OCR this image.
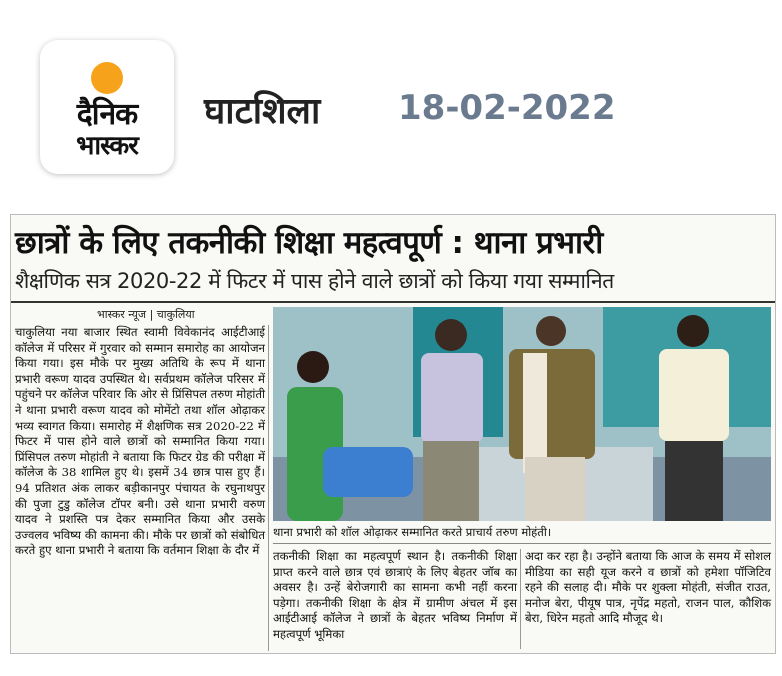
दैनिक
भास्कर
घाटशिला 18-02-2022
छात्रों के लिए तकनीकी शिक्षा महत्वपूर्ण : थाना प्रभारी
शैक्षणिक सत्र 2020-22 में फिटर में पास होने वाले छात्रों को किया गया सम्मानित
भास्कर न्यूज | चाकुलिया
चाकुलिया नया बाजार स्थित स्वामी विवेकानंद आईटीआई कॉलेज में परिसर में गुरवार को सम्मान समारोह का आयोजन किया गया। इस मौके पर मुख्य अतिथि के रूप में थाना प्रभारी वरूण यादव उपस्थित थे। सर्वप्रथम कॉलेज परिसर में पहुंचने पर कॉलेज परिवार कि ओर से प्रिंसिपल तरुण मोहांती ने थाना प्रभारी वरूण यादव को मोमेंटो तथा शॉल ओढ़ाकर भव्य स्वागत किया। समारोह में शैक्षणिक सत्र 2020-22 में फिटर में पास होने वाले छात्रों को सम्मानित किया गया। प्रिंसिपल तरुण मोहांती ने बताया कि फिटर ग्रेड की परीक्षा में कॉलेज के 38 शामिल हुए थे। इसमें 34 छात्र पास हुए हैं। 94 प्रतिशत अंक लाकर बड़ीकानपुर पंचायत के रघुनाथपुर की पुजा टुडु कॉलेज टॉपर बनी। उसे थाना प्रभारी वरुण यादव ने प्रशस्ति पत्र देकर सम्मानित किया और उसके उज्वलव भविष्य की कामना की। मौके पर छात्रों को संबोधित करते हुए थाना प्रभारी ने बताया कि वर्तमान शिक्षा के दौर में
थाना प्रभारी को शॉल ओढ़ाकर सम्मानित करते प्राचार्य तरुण मोहंती।
तकनीकी शिक्षा का महत्वपूर्ण स्थान है। तकनीकी शिक्षा प्राप्त करने वाले छात्र एवं छात्राएं के लिए बेहतर जॉब का अवसर है। उन्हें बेरोजगारी का सामना कभी नहीं करना पड़ेगा। तकनीकी शिक्षा के क्षेत्र में ग्रामीण अंचल में इस आईटीआई कॉलेज ने छात्रों के बेहतर भविष्य निर्माण में महत्वपूर्ण भूमिका
अदा कर रहा है। उन्होंने बताया कि आज के समय में सोशल मीडिया का सही यूज करने व छात्रों को हमेशा पॉजिटिव रहने की सलाह दी। मौके पर शुक्ला मोहंती, संजीत राउत, मनोज बेरा, पीयूष पात्र, नृपेंद्र महतो, राजन पाल, कौशिक बेरा, धिरेन महतो आदि मौजूद थे।
